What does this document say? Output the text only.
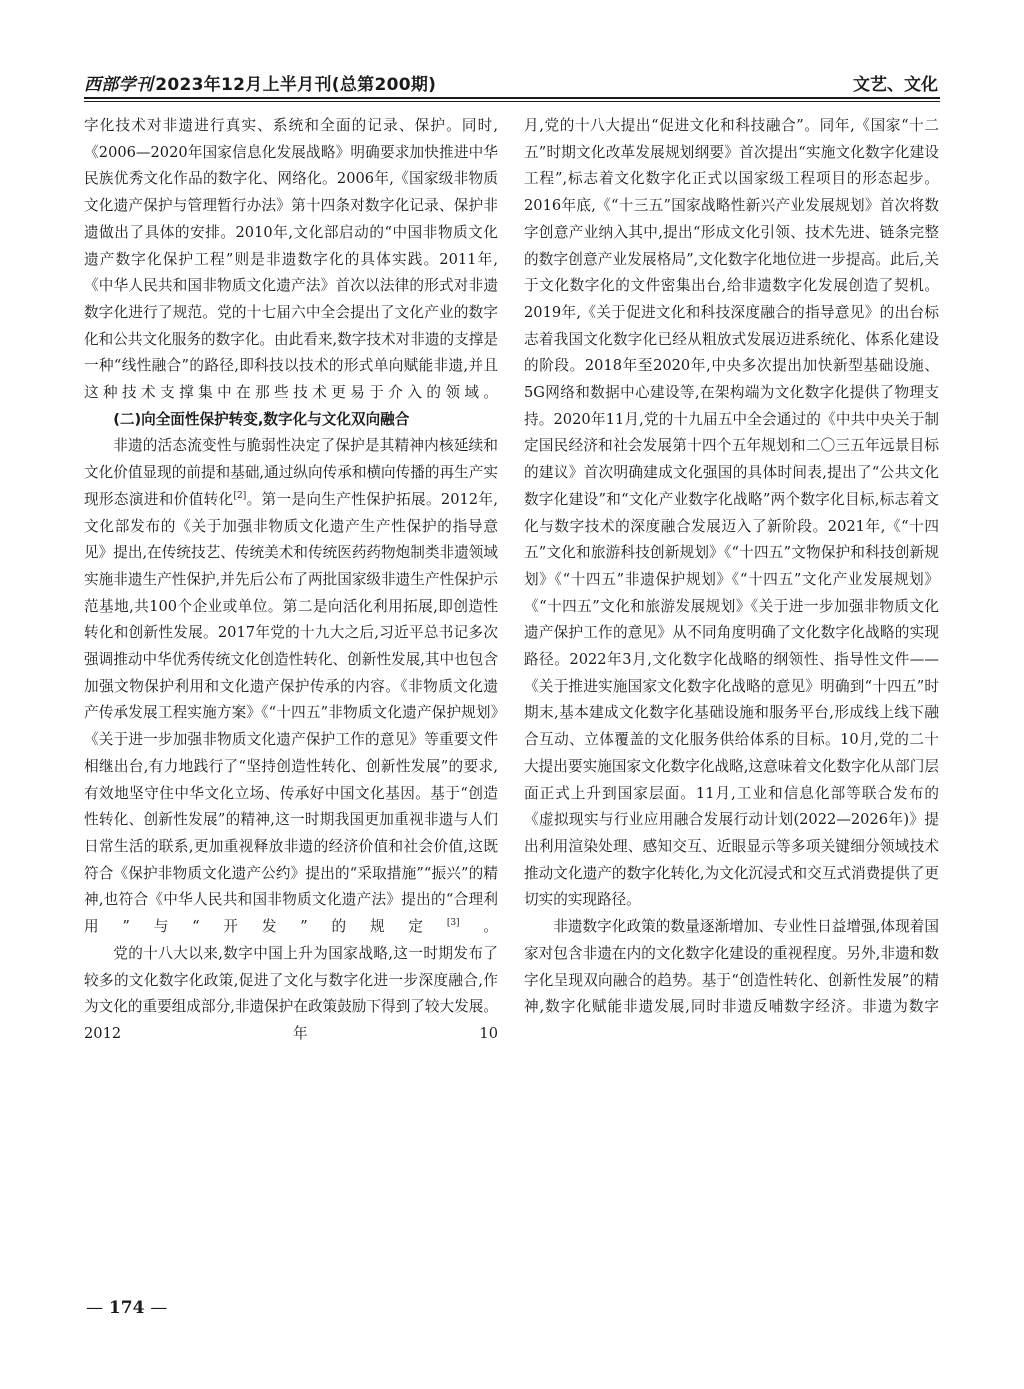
西部学刊 2023年12月上半月刊(总第200期)	文艺、文化

字化技术对非遗进行真实、系统和全面的记录、保护。同时,《2006—2020年国家信息化发展战略》明确要求加快推进中华民族优秀文化作品的数字化、网络化。2006年,《国家级非物质文化遗产保护与管理暂行办法》第十四条对数字化记录、保护非遗做出了具体的安排。2010年,文化部启动的“中国非物质文化遗产数字化保护工程”则是非遗数字化的具体实践。2011年,《中华人民共和国非物质文化遗产法》首次以法律的形式对非遗数字化进行了规范。党的十七届六中全会提出了文化产业的数字化和公共文化服务的数字化。由此看来,数字技术对非遗的支撑是一种“线性融合”的路径,即科技以技术的形式单向赋能非遗,并且这种技术支撑集中在那些技术更易于介入的领域。

(二)向全面性保护转变,数字化与文化双向融合

非遗的活态流变性与脆弱性决定了保护是其精神内核延续和文化价值显现的前提和基础,通过纵向传承和横向传播的再生产实现形态演进和价值转化[2]。第一是向生产性保护拓展。2012年,文化部发布的《关于加强非物质文化遗产生产性保护的指导意见》提出,在传统技艺、传统美术和传统医药药物炮制类非遗领域实施非遗生产性保护,并先后公布了两批国家级非遗生产性保护示范基地,共100个企业或单位。第二是向活化利用拓展,即创造性转化和创新性发展。2017年党的十九大之后,习近平总书记多次强调推动中华优秀传统文化创造性转化、创新性发展,其中也包含加强文物保护利用和文化遗产保护传承的内容。《非物质文化遗产传承发展工程实施方案》《“十四五”非物质文化遗产保护规划》《关于进一步加强非物质文化遗产保护工作的意见》等重要文件相继出台,有力地践行了“坚持创造性转化、创新性发展”的要求,有效地坚守住中华文化立场、传承好中国文化基因。基于“创造性转化、创新性发展”的精神,这一时期我国更加重视非遗与人们日常生活的联系,更加重视释放非遗的经济价值和社会价值,这既符合《保护非物质文化遗产公约》提出的“采取措施”“振兴”的精神,也符合《中华人民共和国非物质文化遗产法》提出的“合理利用”与“开发”的规定[3]。

党的十八大以来,数字中国上升为国家战略,这一时期发布了较多的文化数字化政策,促进了文化与数字化进一步深度融合,作为文化的重要组成部分,非遗保护在政策鼓励下得到了较大发展。2012年10

月,党的十八大提出“促进文化和科技融合”。同年,《国家“十二五”时期文化改革发展规划纲要》首次提出“实施文化数字化建设工程”,标志着文化数字化正式以国家级工程项目的形态起步。2016年底,《“十三五”国家战略性新兴产业发展规划》首次将数字创意产业纳入其中,提出“形成文化引领、技术先进、链条完整的数字创意产业发展格局”,文化数字化地位进一步提高。此后,关于文化数字化的文件密集出台,给非遗数字化发展创造了契机。2019年,《关于促进文化和科技深度融合的指导意见》的出台标志着我国文化数字化已经从粗放式发展迈进系统化、体系化建设的阶段。2018年至2020年,中央多次提出加快新型基础设施、5G网络和数据中心建设等,在架构端为文化数字化提供了物理支持。2020年11月,党的十九届五中全会通过的《中共中央关于制定国民经济和社会发展第十四个五年规划和二〇三五年远景目标的建议》首次明确建成文化强国的具体时间表,提出了“公共文化数字化建设”和“文化产业数字化战略”两个数字化目标,标志着文化与数字技术的深度融合发展迈入了新阶段。2021年,《“十四五”文化和旅游科技创新规划》《“十四五”文物保护和科技创新规划》《“十四五”非遗保护规划》《“十四五”文化产业发展规划》《“十四五”文化和旅游发展规划》《关于进一步加强非物质文化遗产保护工作的意见》从不同角度明确了文化数字化战略的实现路径。2022年3月,文化数字化战略的纲领性、指导性文件——《关于推进实施国家文化数字化战略的意见》明确到“十四五”时期末,基本建成文化数字化基础设施和服务平台,形成线上线下融合互动、立体覆盖的文化服务供给体系的目标。10月,党的二十大提出要实施国家文化数字化战略,这意味着文化数字化从部门层面正式上升到国家层面。11月,工业和信息化部等联合发布的《虚拟现实与行业应用融合发展行动计划(2022—2026年)》提出利用渲染处理、感知交互、近眼显示等多项关键细分领域技术推动文化遗产的数字化转化,为文化沉浸式和交互式消费提供了更切实的实现路径。

非遗数字化政策的数量逐渐增加、专业性日益增强,体现着国家对包含非遗在内的文化数字化建设的重视程度。另外,非遗和数字化呈现双向融合的趋势。基于“创造性转化、创新性发展”的精神,数字化赋能非遗发展,同时非遗反哺数字经济。非遗为数字

— 174 —
